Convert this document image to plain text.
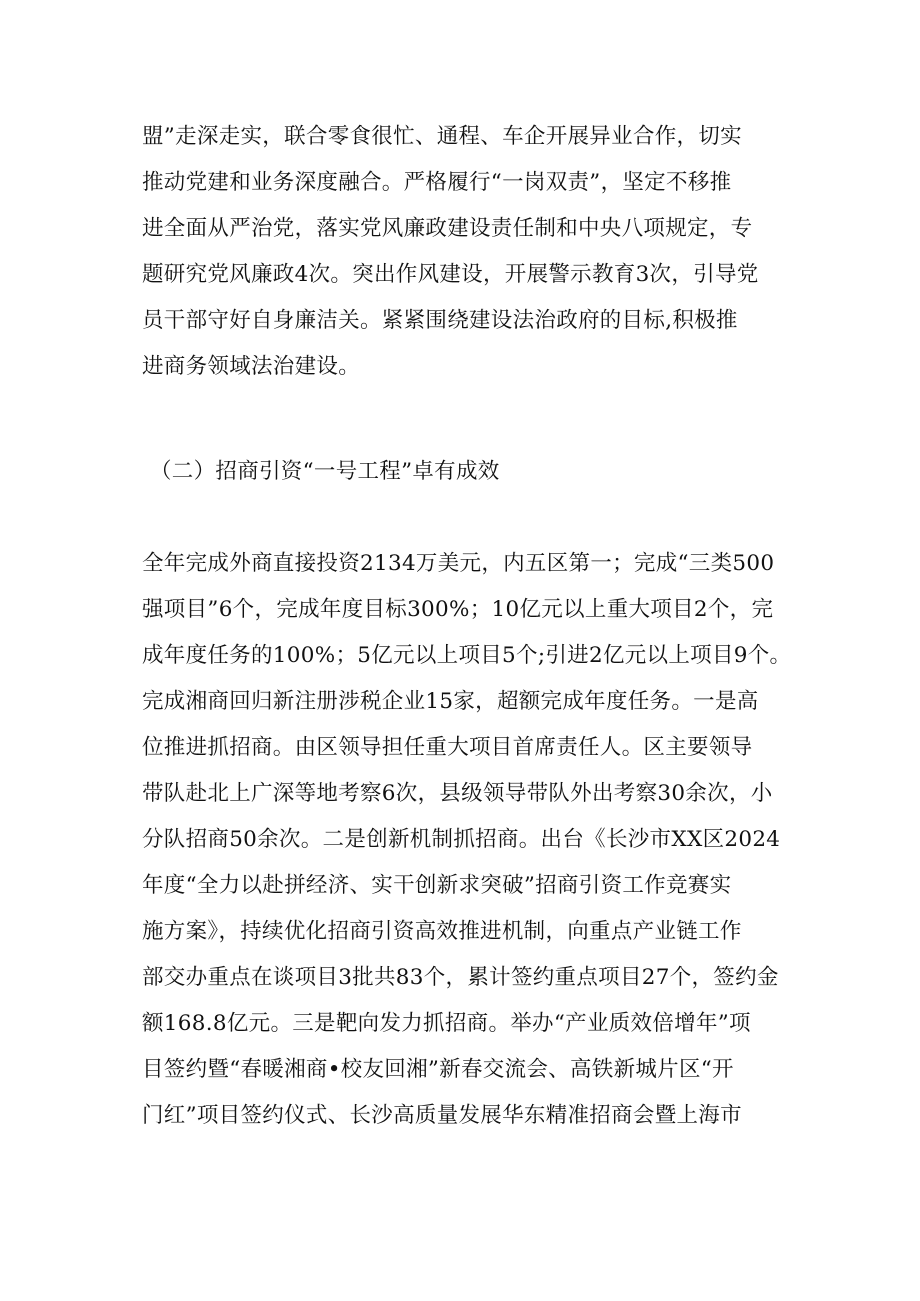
盟”走深走实，联合零食很忙、通程、车企开展异业合作，切实
推动党建和业务深度融合。严格履行“一岗双责”，坚定不移推
进全面从严治党，落实党风廉政建设责任制和中央八项规定，专
题研究党风廉政4次。突出作风建设，开展警示教育3次，引导党
员干部守好自身廉洁关。紧紧围绕建设法治政府的目标,积极推
进商务领域法治建设。
（二）招商引资“一号工程”卓有成效
全年完成外商直接投资2134万美元，内五区第一；完成“三类500
强项目”6个，完成年度目标300%；10亿元以上重大项目2个，完
成年度任务的100%；5亿元以上项目5个;引进2亿元以上项目9个。
完成湘商回归新注册涉税企业15家，超额完成年度任务。一是高
位推进抓招商。由区领导担任重大项目首席责任人。区主要领导
带队赴北上广深等地考察6次，县级领导带队外出考察30余次，小
分队招商50余次。二是创新机制抓招商。出台《长沙市XX区2024
年度“全力以赴拼经济、实干创新求突破”招商引资工作竞赛实
施方案》，持续优化招商引资高效推进机制，向重点产业链工作
部交办重点在谈项目3批共83个，累计签约重点项目27个，签约金
额168.8亿元。三是靶向发力抓招商。举办“产业质效倍增年”项
目签约暨“春暖湘商•校友回湘”新春交流会、高铁新城片区“开
门红”项目签约仪式、长沙高质量发展华东精准招商会暨上海市
